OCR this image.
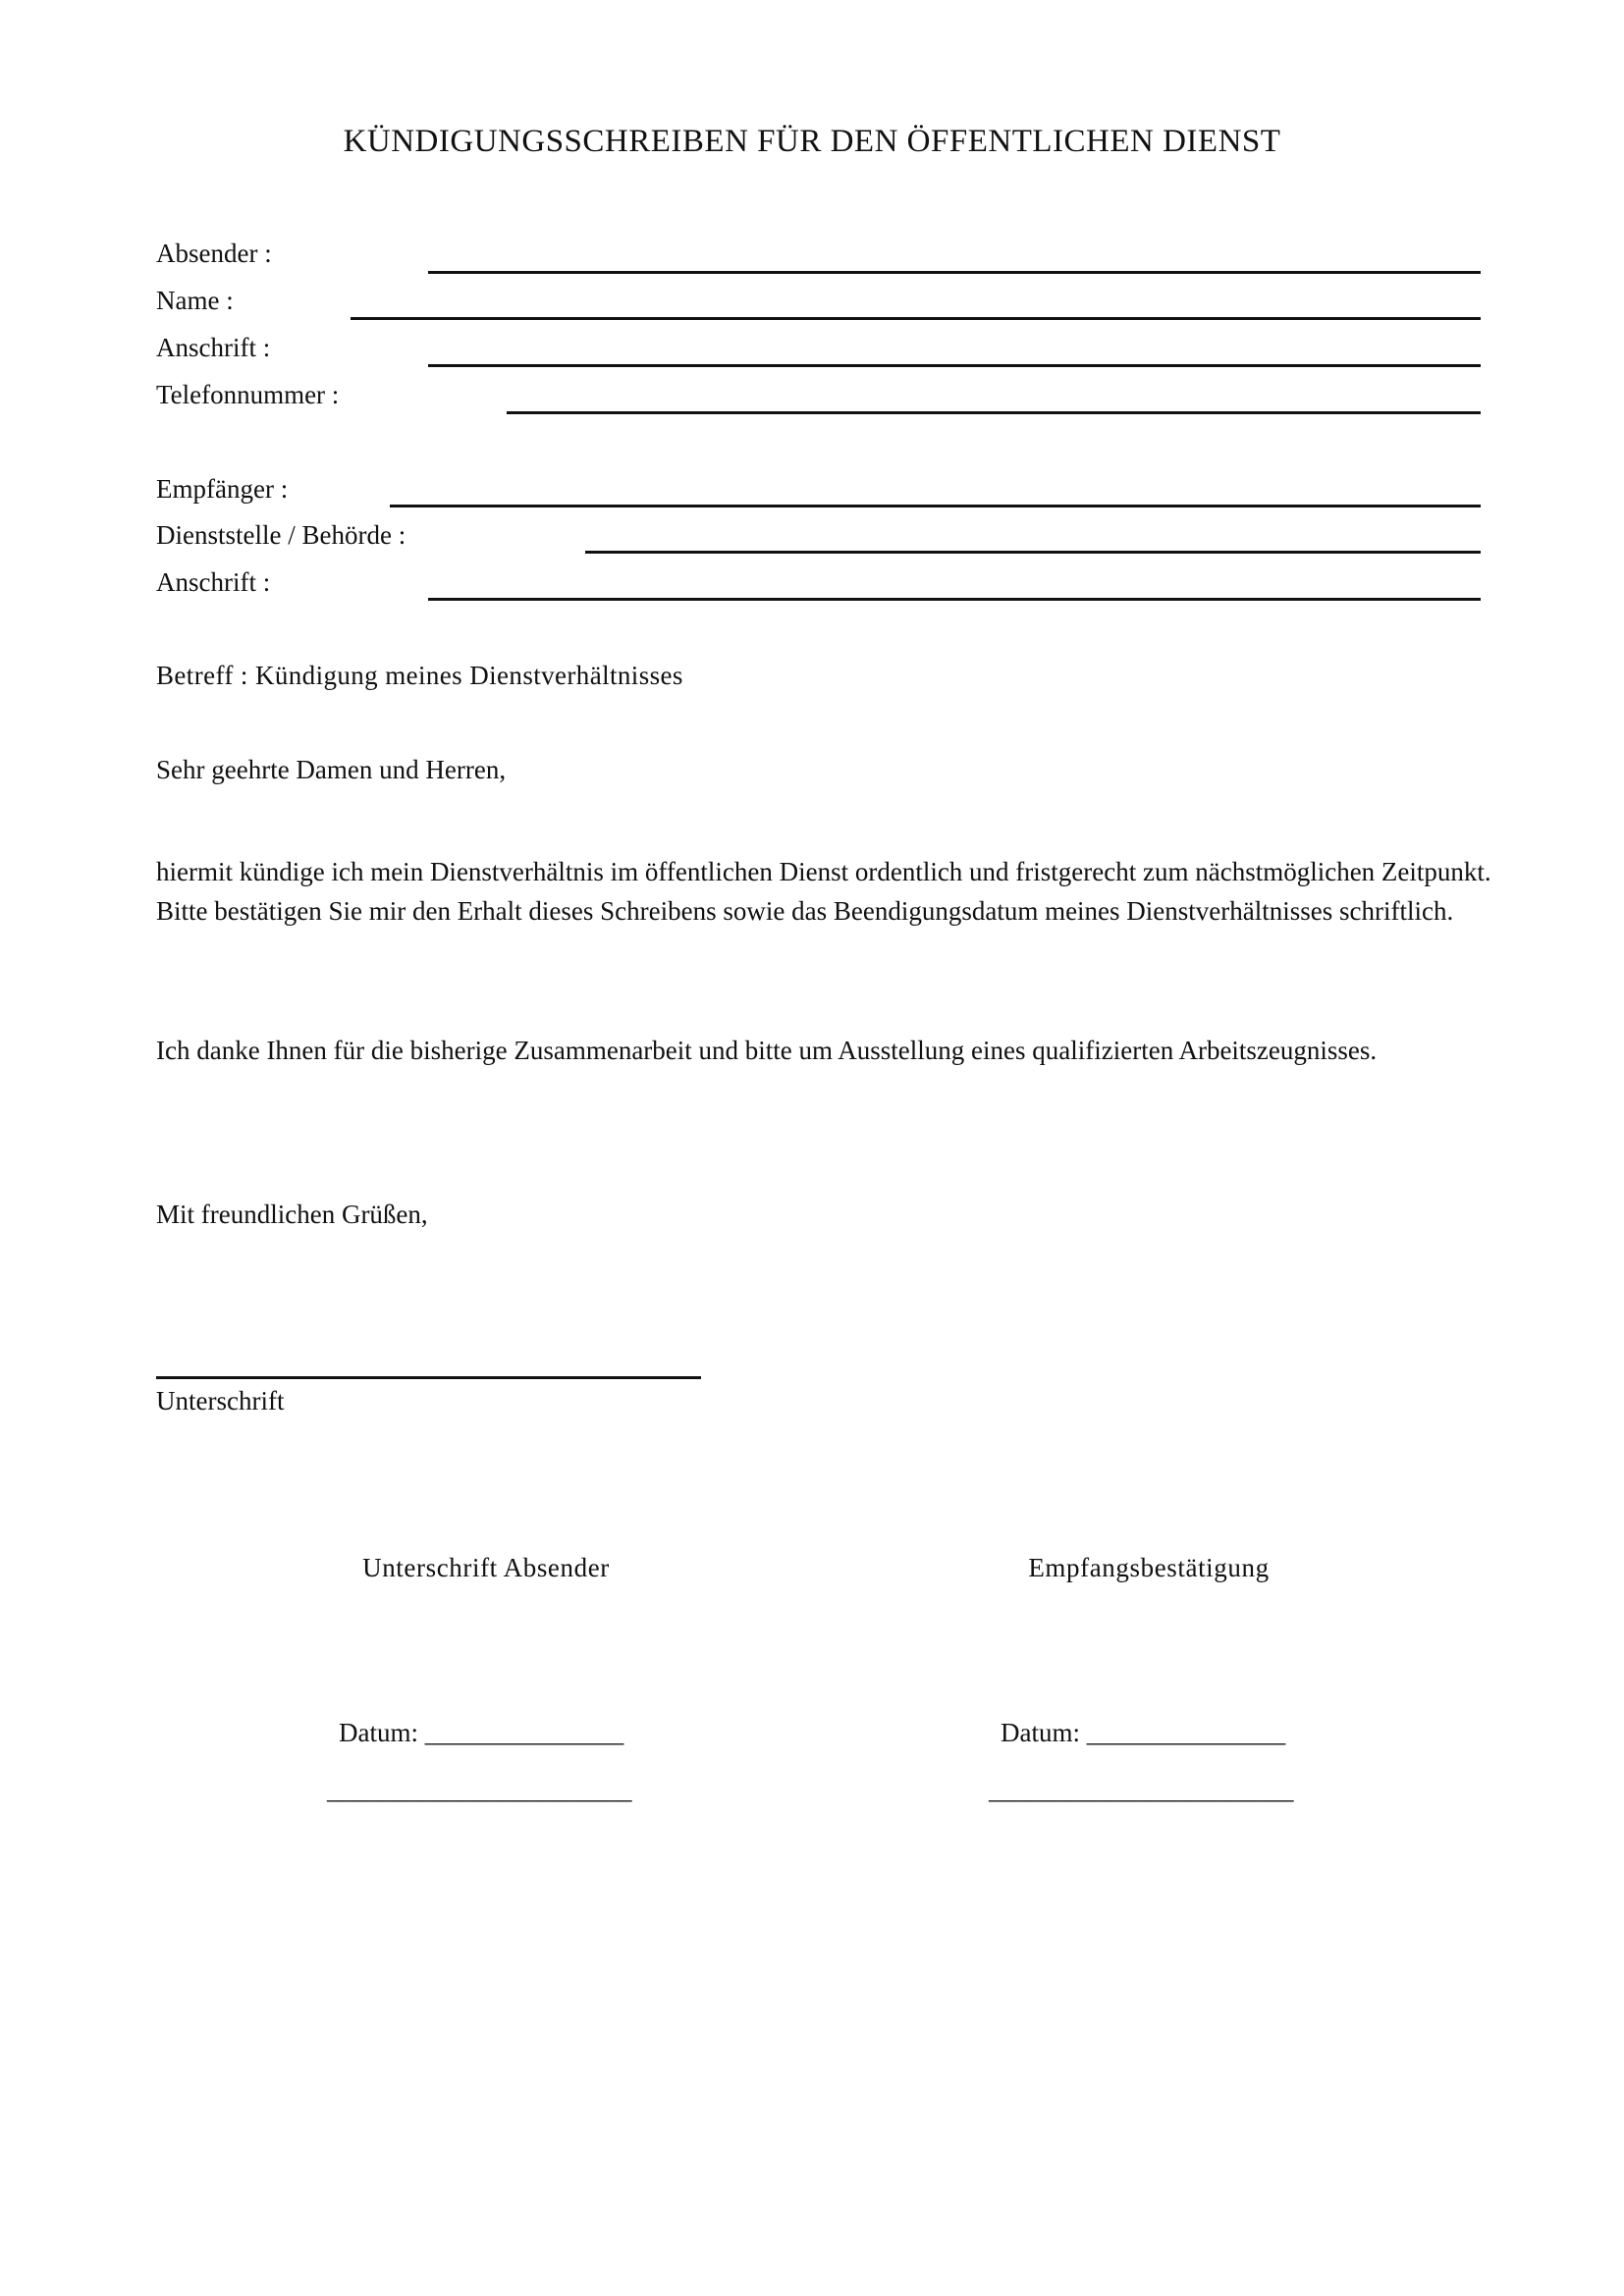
KÜNDIGUNGSSCHREIBEN FÜR DEN ÖFFENTLICHEN DIENST
Absender :
Name :
Anschrift :
Telefonnummer :
Empfänger :
Dienststelle / Behörde :
Anschrift :
Betreff : Kündigung meines Dienstverhältnisses
Sehr geehrte Damen und Herren,

hiermit kündige ich mein Dienstverhältnis im öffentlichen Dienst ordentlich und fristgerecht zum nächstmöglichen Zeitpunkt. Bitte bestätigen Sie mir den Erhalt dieses Schreibens sowie das Beendigungsdatum meines Dienstverhältnisses schriftlich.

Ich danke Ihnen für die bisherige Zusammenarbeit und bitte um Ausstellung eines qualifizierten Arbeitszeugnisses.
Mit freundlichen Grüßen,
Unterschrift
Unterschrift Absender	Empfangsbestätigung
Datum: _______________	Datum: _______________
_______________________	_______________________
